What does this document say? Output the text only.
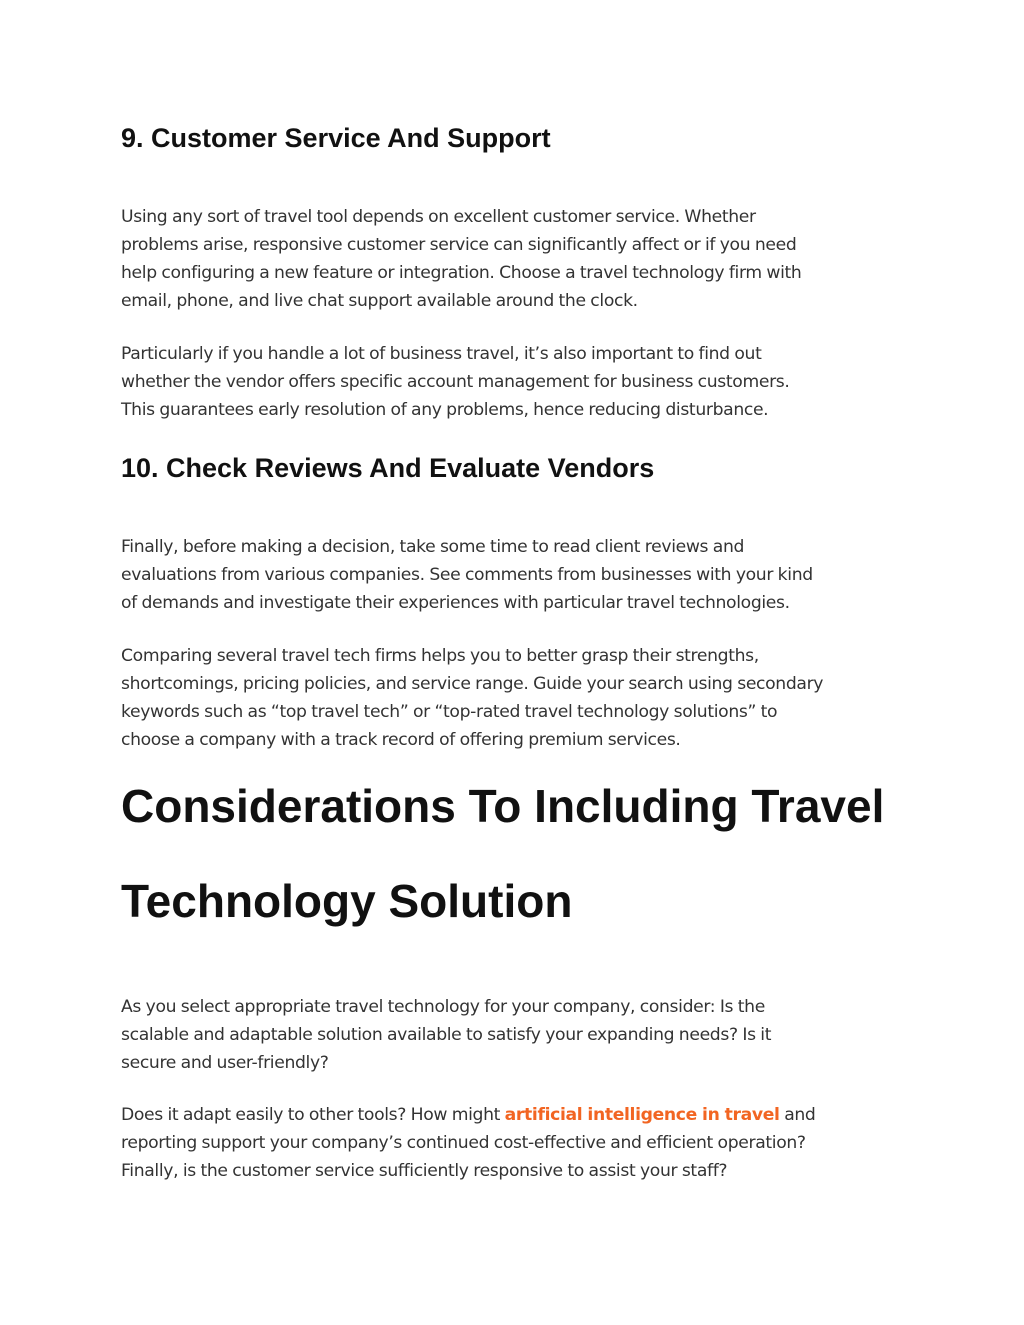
9. Customer Service And Support

Using any sort of travel tool depends on excellent customer service. Whether
problems arise, responsive customer service can significantly affect or if you need
help configuring a new feature or integration. Choose a travel technology firm with
email, phone, and live chat support available around the clock.

Particularly if you handle a lot of business travel, it’s also important to find out
whether the vendor offers specific account management for business customers.
This guarantees early resolution of any problems, hence reducing disturbance.

10. Check Reviews And Evaluate Vendors

Finally, before making a decision, take some time to read client reviews and
evaluations from various companies. See comments from businesses with your kind
of demands and investigate their experiences with particular travel technologies.

Comparing several travel tech firms helps you to better grasp their strengths,
shortcomings, pricing policies, and service range. Guide your search using secondary
keywords such as “top travel tech” or “top-rated travel technology solutions” to
choose a company with a track record of offering premium services.

Considerations To Including Travel
Technology Solution

As you select appropriate travel technology for your company, consider: Is the
scalable and adaptable solution available to satisfy your expanding needs? Is it
secure and user-friendly?

Does it adapt easily to other tools? How might artificial intelligence in travel and
reporting support your company’s continued cost-effective and efficient operation?
Finally, is the customer service sufficiently responsive to assist your staff?
